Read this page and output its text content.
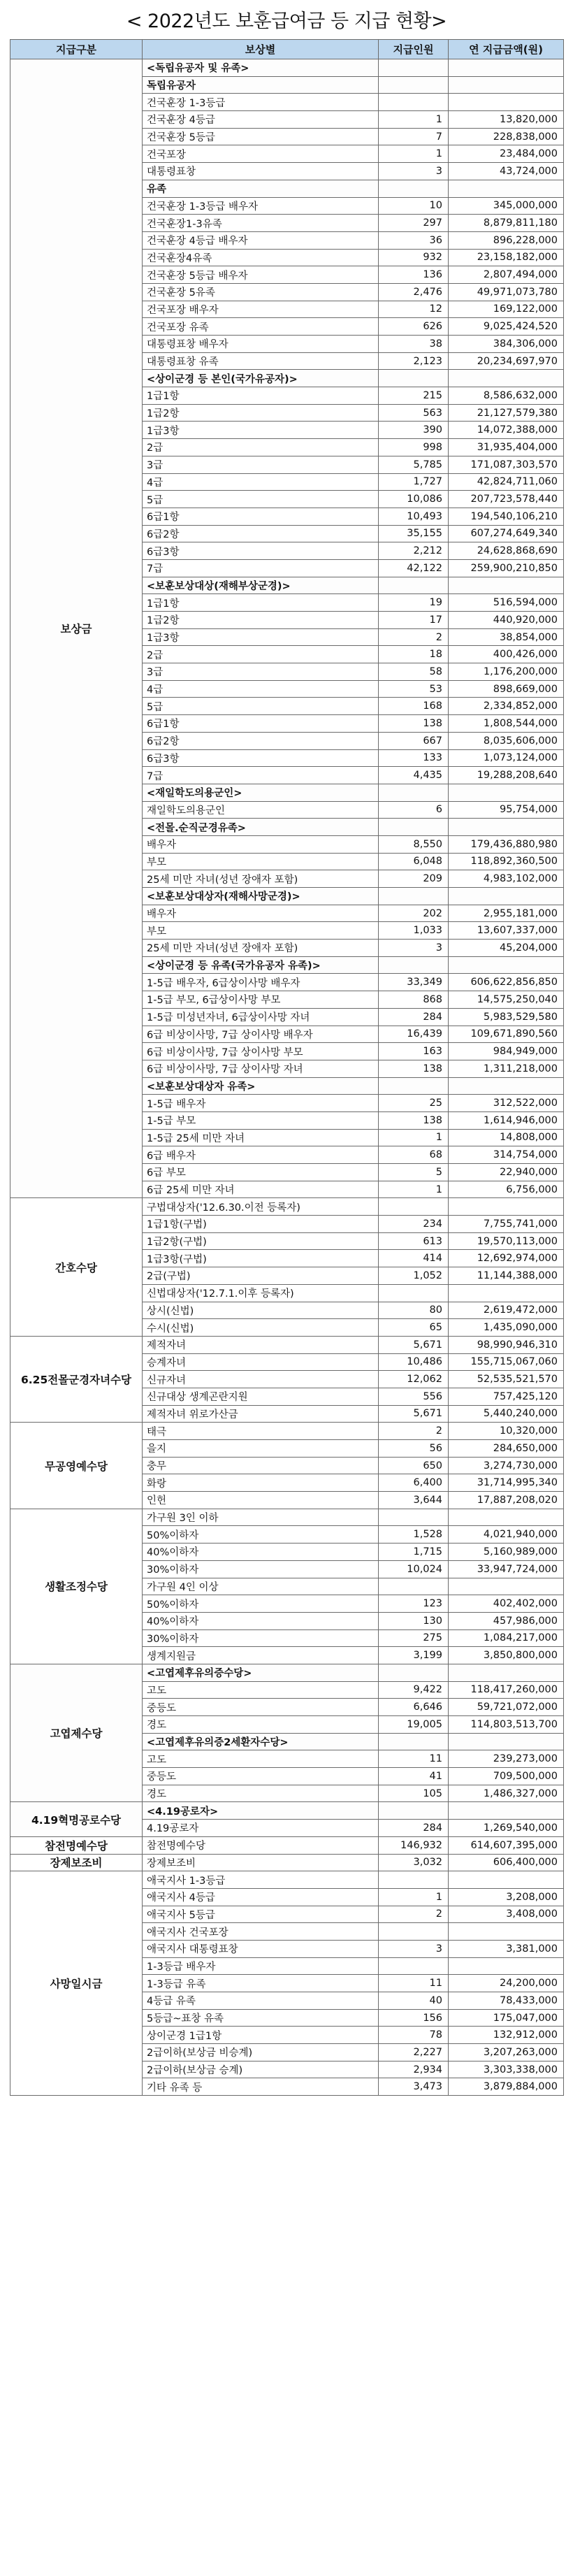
< 2022년도 보훈급여금 등 지급 현황>
지급구분	보상별	지급인원	연 지급금액(원)
보상금	<독립유공자 및 유족>		
	독립유공자		
	건국훈장 1-3등급		
	건국훈장 4등급	1	13,820,000
	건국훈장 5등급	7	228,838,000
	건국포장	1	23,484,000
	대통령표창	3	43,724,000
	유족		
	건국훈장 1-3등급 배우자	10	345,000,000
	건국훈장1-3유족	297	8,879,811,180
	건국훈장 4등급 배우자	36	896,228,000
	건국훈장4유족	932	23,158,182,000
	건국훈장 5등급 배우자	136	2,807,494,000
	건국훈장 5유족	2,476	49,971,073,780
	건국포장 배우자	12	169,122,000
	건국포장 유족	626	9,025,424,520
	대통령표창 배우자	38	384,306,000
	대통령표창 유족	2,123	20,234,697,970
	<상이군경 등 본인(국가유공자)>		
	1급1항	215	8,586,632,000
	1급2항	563	21,127,579,380
	1급3항	390	14,072,388,000
	2급	998	31,935,404,000
	3급	5,785	171,087,303,570
	4급	1,727	42,824,711,060
	5급	10,086	207,723,578,440
	6급1항	10,493	194,540,106,210
	6급2항	35,155	607,274,649,340
	6급3항	2,212	24,628,868,690
	7급	42,122	259,900,210,850
	<보훈보상대상(재해부상군경)>		
	1급1항	19	516,594,000
	1급2항	17	440,920,000
	1급3항	2	38,854,000
	2급	18	400,426,000
	3급	58	1,176,200,000
	4급	53	898,669,000
	5급	168	2,334,852,000
	6급1항	138	1,808,544,000
	6급2항	667	8,035,606,000
	6급3항	133	1,073,124,000
	7급	4,435	19,288,208,640
	<재일학도의용군인>		
	재일학도의용군인	6	95,754,000
	<전몰.순직군경유족>		
	배우자	8,550	179,436,880,980
	부모	6,048	118,892,360,500
	25세 미만 자녀(성년 장애자 포함)	209	4,983,102,000
	<보훈보상대상자(재해사망군경)>		
	배우자	202	2,955,181,000
	부모	1,033	13,607,337,000
	25세 미만 자녀(성년 장애자 포함)	3	45,204,000
	<상이군경 등 유족(국가유공자 유족)>		
	1-5급 배우자, 6급상이사망 배우자	33,349	606,622,856,850
	1-5급 부모, 6급상이사망 부모	868	14,575,250,040
	1-5급 미성년자녀, 6급상이사망 자녀	284	5,983,529,580
	6급 비상이사망, 7급 상이사망 배우자	16,439	109,671,890,560
	6급 비상이사망, 7급 상이사망 부모	163	984,949,000
	6급 비상이사망, 7급 상이사망 자녀	138	1,311,218,000
	<보훈보상대상자 유족>		
	1-5급 배우자	25	312,522,000
	1-5급 부모	138	1,614,946,000
	1-5급 25세 미만 자녀	1	14,808,000
	6급 배우자	68	314,754,000
	6급 부모	5	22,940,000
	6급 25세 미만 자녀	1	6,756,000
간호수당	구법대상자('12.6.30.이전 등록자)		
	1급1항(구법)	234	7,755,741,000
	1급2항(구법)	613	19,570,113,000
	1급3항(구법)	414	12,692,974,000
	2급(구법)	1,052	11,144,388,000
	신법대상자('12.7.1.이후 등록자)		
	상시(신법)	80	2,619,472,000
	수시(신법)	65	1,435,090,000
6.25전몰군경자녀수당	제적자녀	5,671	98,990,946,310
	승계자녀	10,486	155,715,067,060
	신규자녀	12,062	52,535,521,570
	신규대상 생계곤란지원	556	757,425,120
	제적자녀 위로가산금	5,671	5,440,240,000
무공영예수당	태극	2	10,320,000
	을지	56	284,650,000
	충무	650	3,274,730,000
	화랑	6,400	31,714,995,340
	인헌	3,644	17,887,208,020
생활조정수당	가구원 3인 이하		
	50%이하자	1,528	4,021,940,000
	40%이하자	1,715	5,160,989,000
	30%이하자	10,024	33,947,724,000
	가구원 4인 이상		
	50%이하자	123	402,402,000
	40%이하자	130	457,986,000
	30%이하자	275	1,084,217,000
	생계지원금	3,199	3,850,800,000
고엽제수당	<고엽제후유의증수당>		
	고도	9,422	118,417,260,000
	중등도	6,646	59,721,072,000
	경도	19,005	114,803,513,700
	<고엽제후유의증2세환자수당>		
	고도	11	239,273,000
	중등도	41	709,500,000
	경도	105	1,486,327,000
4.19혁명공로수당	<4.19공로자>		
	4.19공로자	284	1,269,540,000
참전명예수당	참전명예수당	146,932	614,607,395,000
장제보조비	장제보조비	3,032	606,400,000
사망일시금	애국지사 1-3등급		
	애국지사 4등급	1	3,208,000
	애국지사 5등급	2	3,408,000
	애국지사 건국포장		
	애국지사 대통령표창	3	3,381,000
	1-3등급 배우자		
	1-3등급 유족	11	24,200,000
	4등급 유족	40	78,433,000
	5등급~표창 유족	156	175,047,000
	상이군경 1급1항	78	132,912,000
	2급이하(보상금 비승계)	2,227	3,207,263,000
	2급이하(보상금 승계)	2,934	3,303,338,000
	기타 유족 등	3,473	3,879,884,000
